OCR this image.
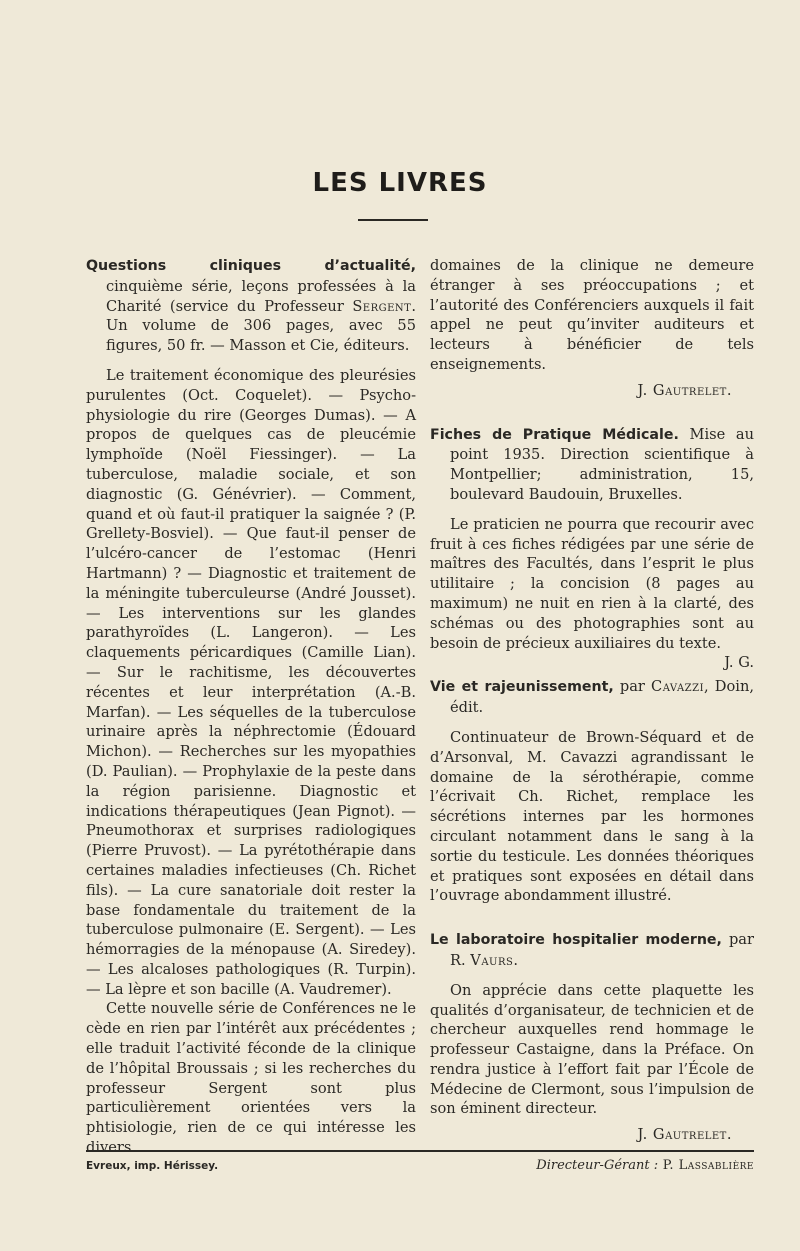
LES LIVRES

Questions cliniques d’actualité, cinquième série, leçons professées à la Charité (service du Professeur Sergent. Un volume de 306 pages, avec 55 figures, 50 fr. — Masson et Cie, éditeurs.

Le traitement économique des pleurésies purulentes (Oct. Coquelet). — Psycho-physiologie du rire (Georges Dumas). — A propos de quelques cas de pleucémie lymphoïde (Noël Fiessinger). — La tuberculose, maladie sociale, et son diagnostic (G. Génévrier). — Comment, quand et où faut-il pratiquer la saignée ? (P. Grellety-Bosviel). — Que faut-il penser de l’ulcéro-cancer de l’estomac (Henri Hartmann) ? — Diagnostic et traitement de la méningite tuberculeurse (André Jousset). — Les interventions sur les glandes parathyroïdes (L. Langeron). — Les claquements péricardiques (Camille Lian). — Sur le rachitisme, les découvertes récentes et leur interprétation (A.-B. Marfan). — Les séquelles de la tuberculose urinaire après la néphrectomie (Édouard Michon). — Recherches sur les myopathies (D. Paulian). — Prophylaxie de la peste dans la région parisienne. Diagnostic et indications thérapeutiques (Jean Pignot). — Pneumothorax et surprises radiologiques (Pierre Pruvost). — La pyrétothérapie dans certaines maladies infectieuses (Ch. Richet fils). — La cure sanatoriale doit rester la base fondamentale du traitement de la tuberculose pulmonaire (E. Sergent). — Les hémorragies de la ménopause (A. Siredey). — Les alcaloses pathologiques (R. Turpin). — La lèpre et son bacille (A. Vaudremer).

Cette nouvelle série de Conférences ne le cède en rien par l’intérêt aux précédentes ; elle traduit l’activité féconde de la clinique de l’hôpital Broussais ; si les recherches du professeur Sergent sont plus particulièrement orientées vers la phtisiologie, rien de ce qui intéresse les divers

domaines de la clinique ne demeure étranger à ses préoccupations ; et l’autorité des Conférenciers auxquels il fait appel ne peut qu’inviter auditeurs et lecteurs à bénéficier de tels enseignements.

J. Gautrelet.

Fiches de Pratique Médicale. Mise au point 1935. Direction scientifique à Montpellier; administration, 15, boulevard Baudouin, Bruxelles.

Le praticien ne pourra que recourir avec fruit à ces fiches rédigées par une série de maîtres des Facultés, dans l’esprit le plus utilitaire ; la concision (8 pages au maximum) ne nuit en rien à la clarté, des schémas ou des photographies sont au besoin de précieux auxiliaires du texte.
J. G.

Vie et rajeunissement, par Cavazzi, Doin, édit.

Continuateur de Brown-Séquard et de d’Arsonval, M. Cavazzi agrandissant le domaine de la sérothérapie, comme l’écrivait Ch. Richet, remplace les sécrétions internes par les hormones circulant notamment dans le sang à la sortie du testicule. Les données théoriques et pratiques sont exposées en détail dans l’ouvrage abondamment illustré.

Le laboratoire hospitalier moderne, par R. Vaurs.

On apprécie dans cette plaquette les qualités d’organisateur, de technicien et de chercheur auxquelles rend hommage le professeur Castaigne, dans la Préface. On rendra justice à l’effort fait par l’École de Médecine de Clermont, sous l’impulsion de son éminent directeur.

J. Gautrelet.

Evreux, imp. Hérissey.	Directeur-Gérant : P. Lassablière
